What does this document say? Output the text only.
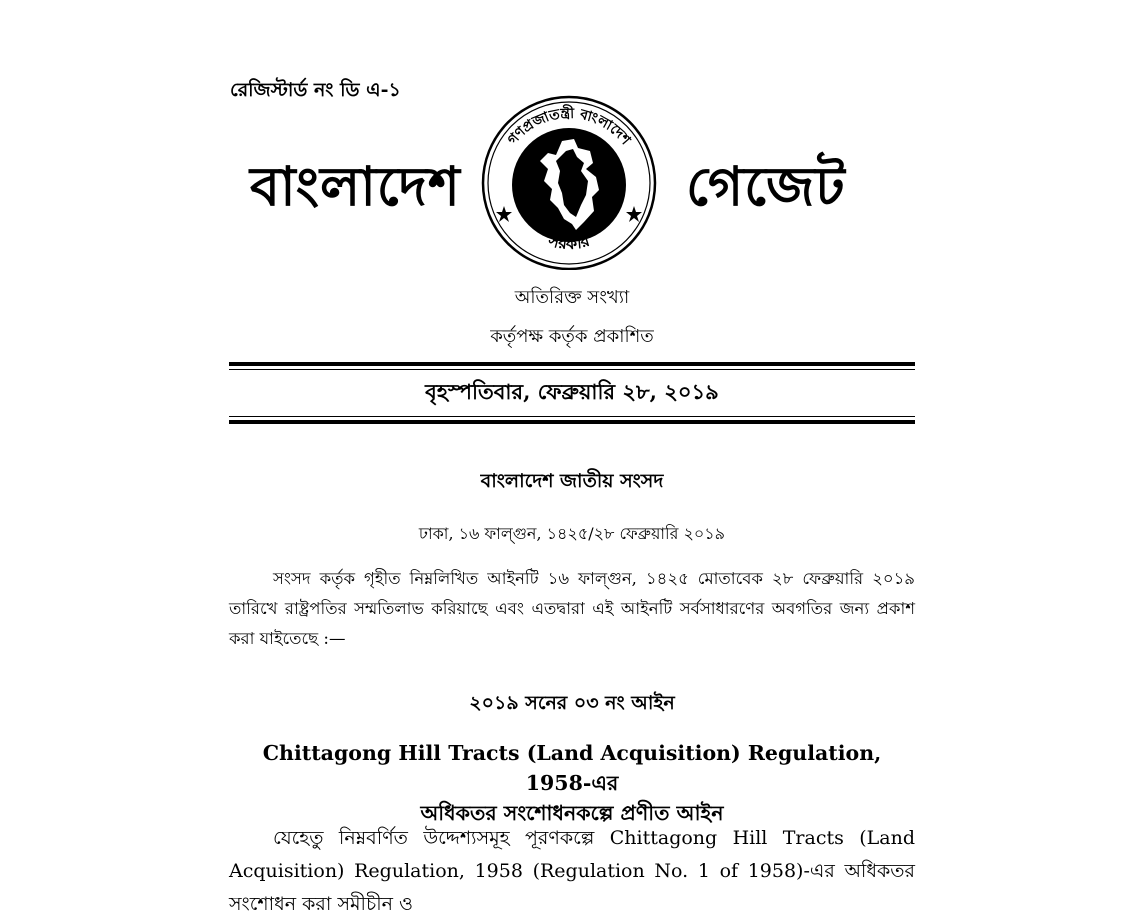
রেজিস্টার্ড নং ডি এ-১
বাংলাদেশ
গণপ্রজাতন্ত্রী বাংলাদেশ
সরকার
গেজেট
অতিরিক্ত সংখ্যা
কর্তৃপক্ষ কর্তৃক প্রকাশিত
বৃহস্পতিবার, ফেব্রুয়ারি ২৮, ২০১৯
বাংলাদেশ জাতীয় সংসদ
ঢাকা, ১৬ ফাল্গুন, ১৪২৫/২৮ ফেব্রুয়ারি ২০১৯
সংসদ কর্তৃক গৃহীত নিম্নলিখিত আইনটি ১৬ ফাল্গুন, ১৪২৫ মোতাবেক ২৮ ফেব্রুয়ারি ২০১৯ তারিখে রাষ্ট্রপতির সম্মতিলাভ করিয়াছে এবং এতদ্বারা এই আইনটি সর্বসাধারণের অবগতির জন্য প্রকাশ করা যাইতেছে :—
২০১৯ সনের ০৩ নং আইন
Chittagong Hill Tracts (Land Acquisition) Regulation, 1958-এর
অধিকতর সংশোধনকল্পে প্রণীত আইন
যেহেতু নিম্নবর্ণিত উদ্দেশ্যসমূহ পূরণকল্পে Chittagong Hill Tracts (Land Acquisition) Regulation, 1958 (Regulation No. 1 of 1958)-এর অধিকতর সংশোধন করা সমীচীন ও
